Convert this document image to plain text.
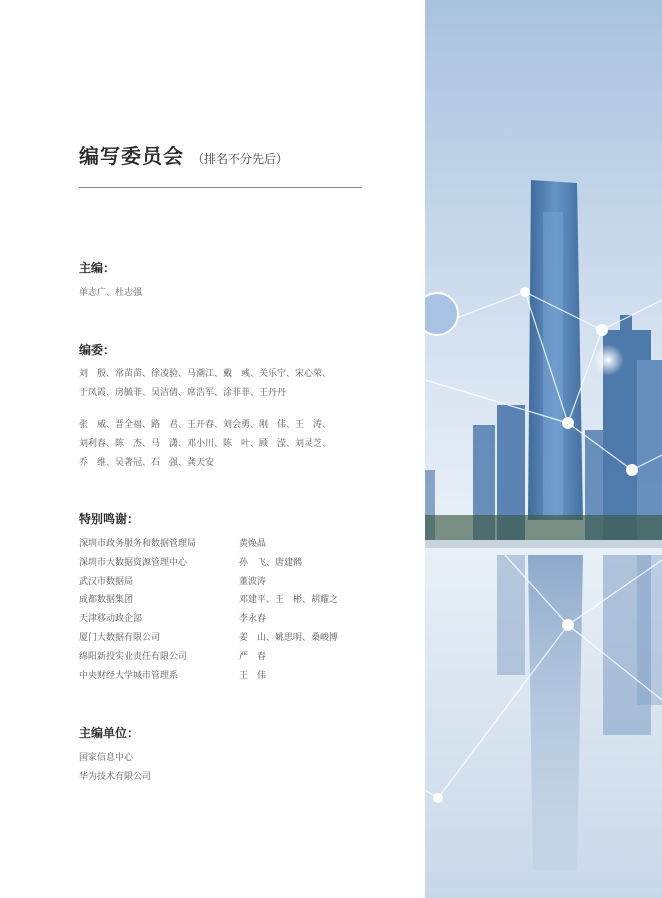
编写委员会 （排名不分先后）
主编：

单志广、杜志强

编委：

刘　殷、常苗苗、徐凌验、马潮江、戴　彧、关乐宁、宋心荣、

于凤霞、房毓菲、吴洁倩、席浩军、涂菲菲、王丹丹

张　威、晋全福、路　君、王开春、刘会勇、刚　伟、王　涛、

刘利春、陈　杰、马　潇、邓小川、陈　叶、顾　滢、刘灵芝、

乔　维、吴著冠、石　强、龚天安

特别鸣谢：
深圳市政务服务和数据管理局	黄焕晶
深圳市大数据资源管理中心	孙　飞、唐建鹘
武汉市数据局	董波涛
成都数据集团	邓建平、王　彬、胡耀之
天津移动政企部	李永春
厦门大数据有限公司	姜　山、姚思明、桑峻博
绵阳新投实业责任有限公司	严　春
中央财经大学城市管理系	王　伟
主编单位：

国家信息中心

华为技术有限公司
